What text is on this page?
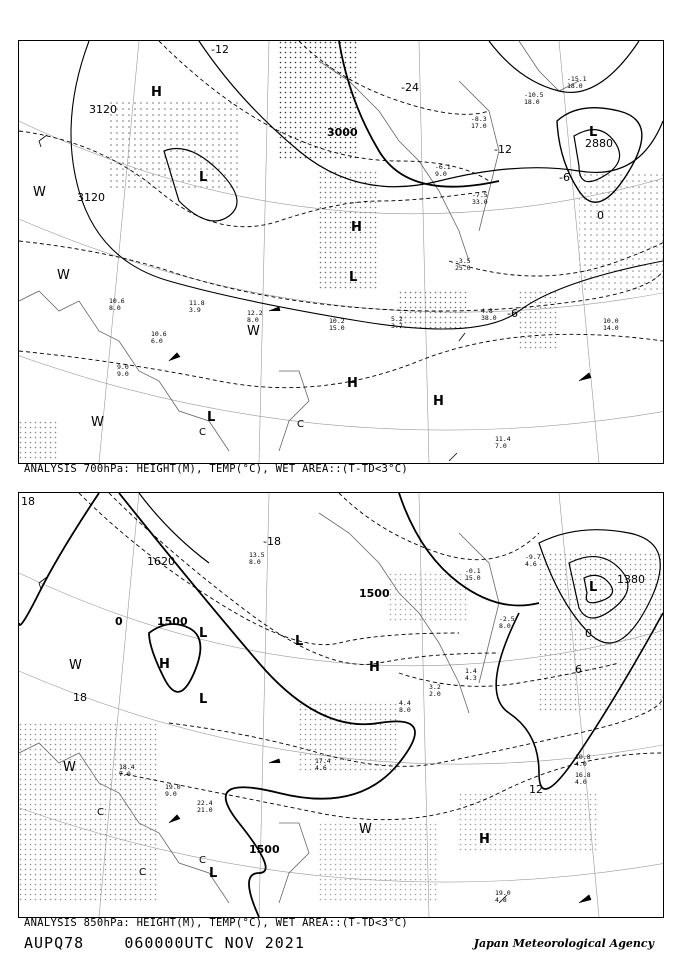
3120
3120
3000
2880
-12
-12
-24
0
-6
-6
H
L
H
L
H
H
L
L
W
W
W
W
C
C
10.6 8.0
10.6 6.0
11.8 3.9	12.2 8.0	10.0 14.0
4.8 38.0
11.4 7.0
9.0 9.0
-6.1 9.0
-7.5 33.0
10.2 15.0
-15.1 18.0
-10.5 18.0
-8.3 17.0
5.2 3.7
-3.5 25.0
ANALYSIS 700hPa: HEIGHT(M), TEMP(°C), WET AREA::(T-TD<3°C)
1620
1500
1500
1500
1380
18
18
-18
0
0
12
6
H
L
L
H
L
L
H
W
W
W
C
C
C	L
19.0 4.8
18.4 7.0
19.0 9.0
16.8 4.0
22.4 21.0
13.5 8.0
-9.7 4.6
1.4 4.3
3.2 2.0
10.8 4.0
17.4 4.6
4.4 8.0
-0.1 15.0
-2.5 8.0
ANALYSIS 850hPa: HEIGHT(M), TEMP(°C), WET AREA::(T-TD<3°C)
AUPQ78	060000UTC NOV 2021	Japan Meteorological Agency
